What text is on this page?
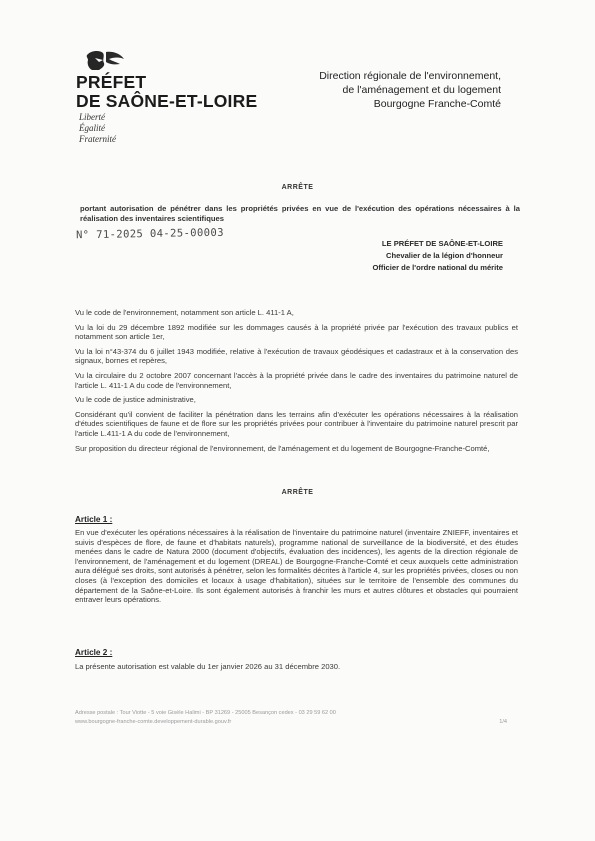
PRÉFET
DE SAÔNE-ET-LOIRE
Liberté
Égalité
Fraternité
Direction régionale de l'environnement,
de l'aménagement et du logement
Bourgogne Franche-Comté
ARRÊTE
portant autorisation de pénétrer dans les propriétés privées en vue de l'exécution des opérations nécessaires à la réalisation des inventaires scientifiques
N° 71-2025 04-25-00003
LE PRÉFET DE SAÔNE-ET-LOIRE
Chevalier de la légion d'honneur
Officier de l'ordre national du mérite

Vu le code de l'environnement, notamment son article L. 411-1 A,

Vu la loi du 29 décembre 1892 modifiée sur les dommages causés à la propriété privée par l'exécution des travaux publics et notamment son article 1er,

Vu la loi n°43-374 du 6 juillet 1943 modifiée, relative à l'exécution de travaux géodésiques et cadastraux et à la conservation des signaux, bornes et repères,

Vu la circulaire du 2 octobre 2007 concernant l'accès à la propriété privée dans le cadre des inventaires du patrimoine naturel de l'article L. 411-1 A du code de l'environnement,

Vu le code de justice administrative,

Considérant qu'il convient de faciliter la pénétration dans les terrains afin d'exécuter les opérations nécessaires à la réalisation d'études scientifiques de faune et de flore sur les propriétés privées pour contribuer à l'inventaire du patrimoine naturel prescrit par l'article L.411-1 A du code de l'environnement,

Sur proposition du directeur régional de l'environnement, de l'aménagement et du logement de Bourgogne-Franche-Comté,

ARRÊTE
Article 1 :
En vue d'exécuter les opérations nécessaires à la réalisation de l'inventaire du patrimoine naturel (inventaire ZNIEFF, inventaires et suivis d'espèces de flore, de faune et d'habitats naturels), programme national de surveillance de la biodiversité, et des études menées dans le cadre de Natura 2000 (document d'objectifs, évaluation des incidences), les agents de la direction régionale de l'environnement, de l'aménagement et du logement (DREAL) de Bourgogne-Franche-Comté et ceux auxquels cette administration aura délégué ses droits, sont autorisés à pénétrer, selon les formalités décrites à l'article 4, sur les propriétés privées, closes ou non closes (à l'exception des domiciles et locaux à usage d'habitation), situées sur le territoire de l'ensemble des communes du département de la Saône-et-Loire. Ils sont également autorisés à franchir les murs et autres clôtures et obstacles qui pourraient entraver leurs opérations.
Article 2 :
La présente autorisation est valable du 1er janvier 2026 au 31 décembre 2030.
Adresse postale : Tour Viotte - 5 voie Gisèle Halimi - BP 31269 - 25005 Besançon cedex - 03 29 59 62 00
www.bourgogne-franche-comte.developpement-durable.gouv.fr	1/4
